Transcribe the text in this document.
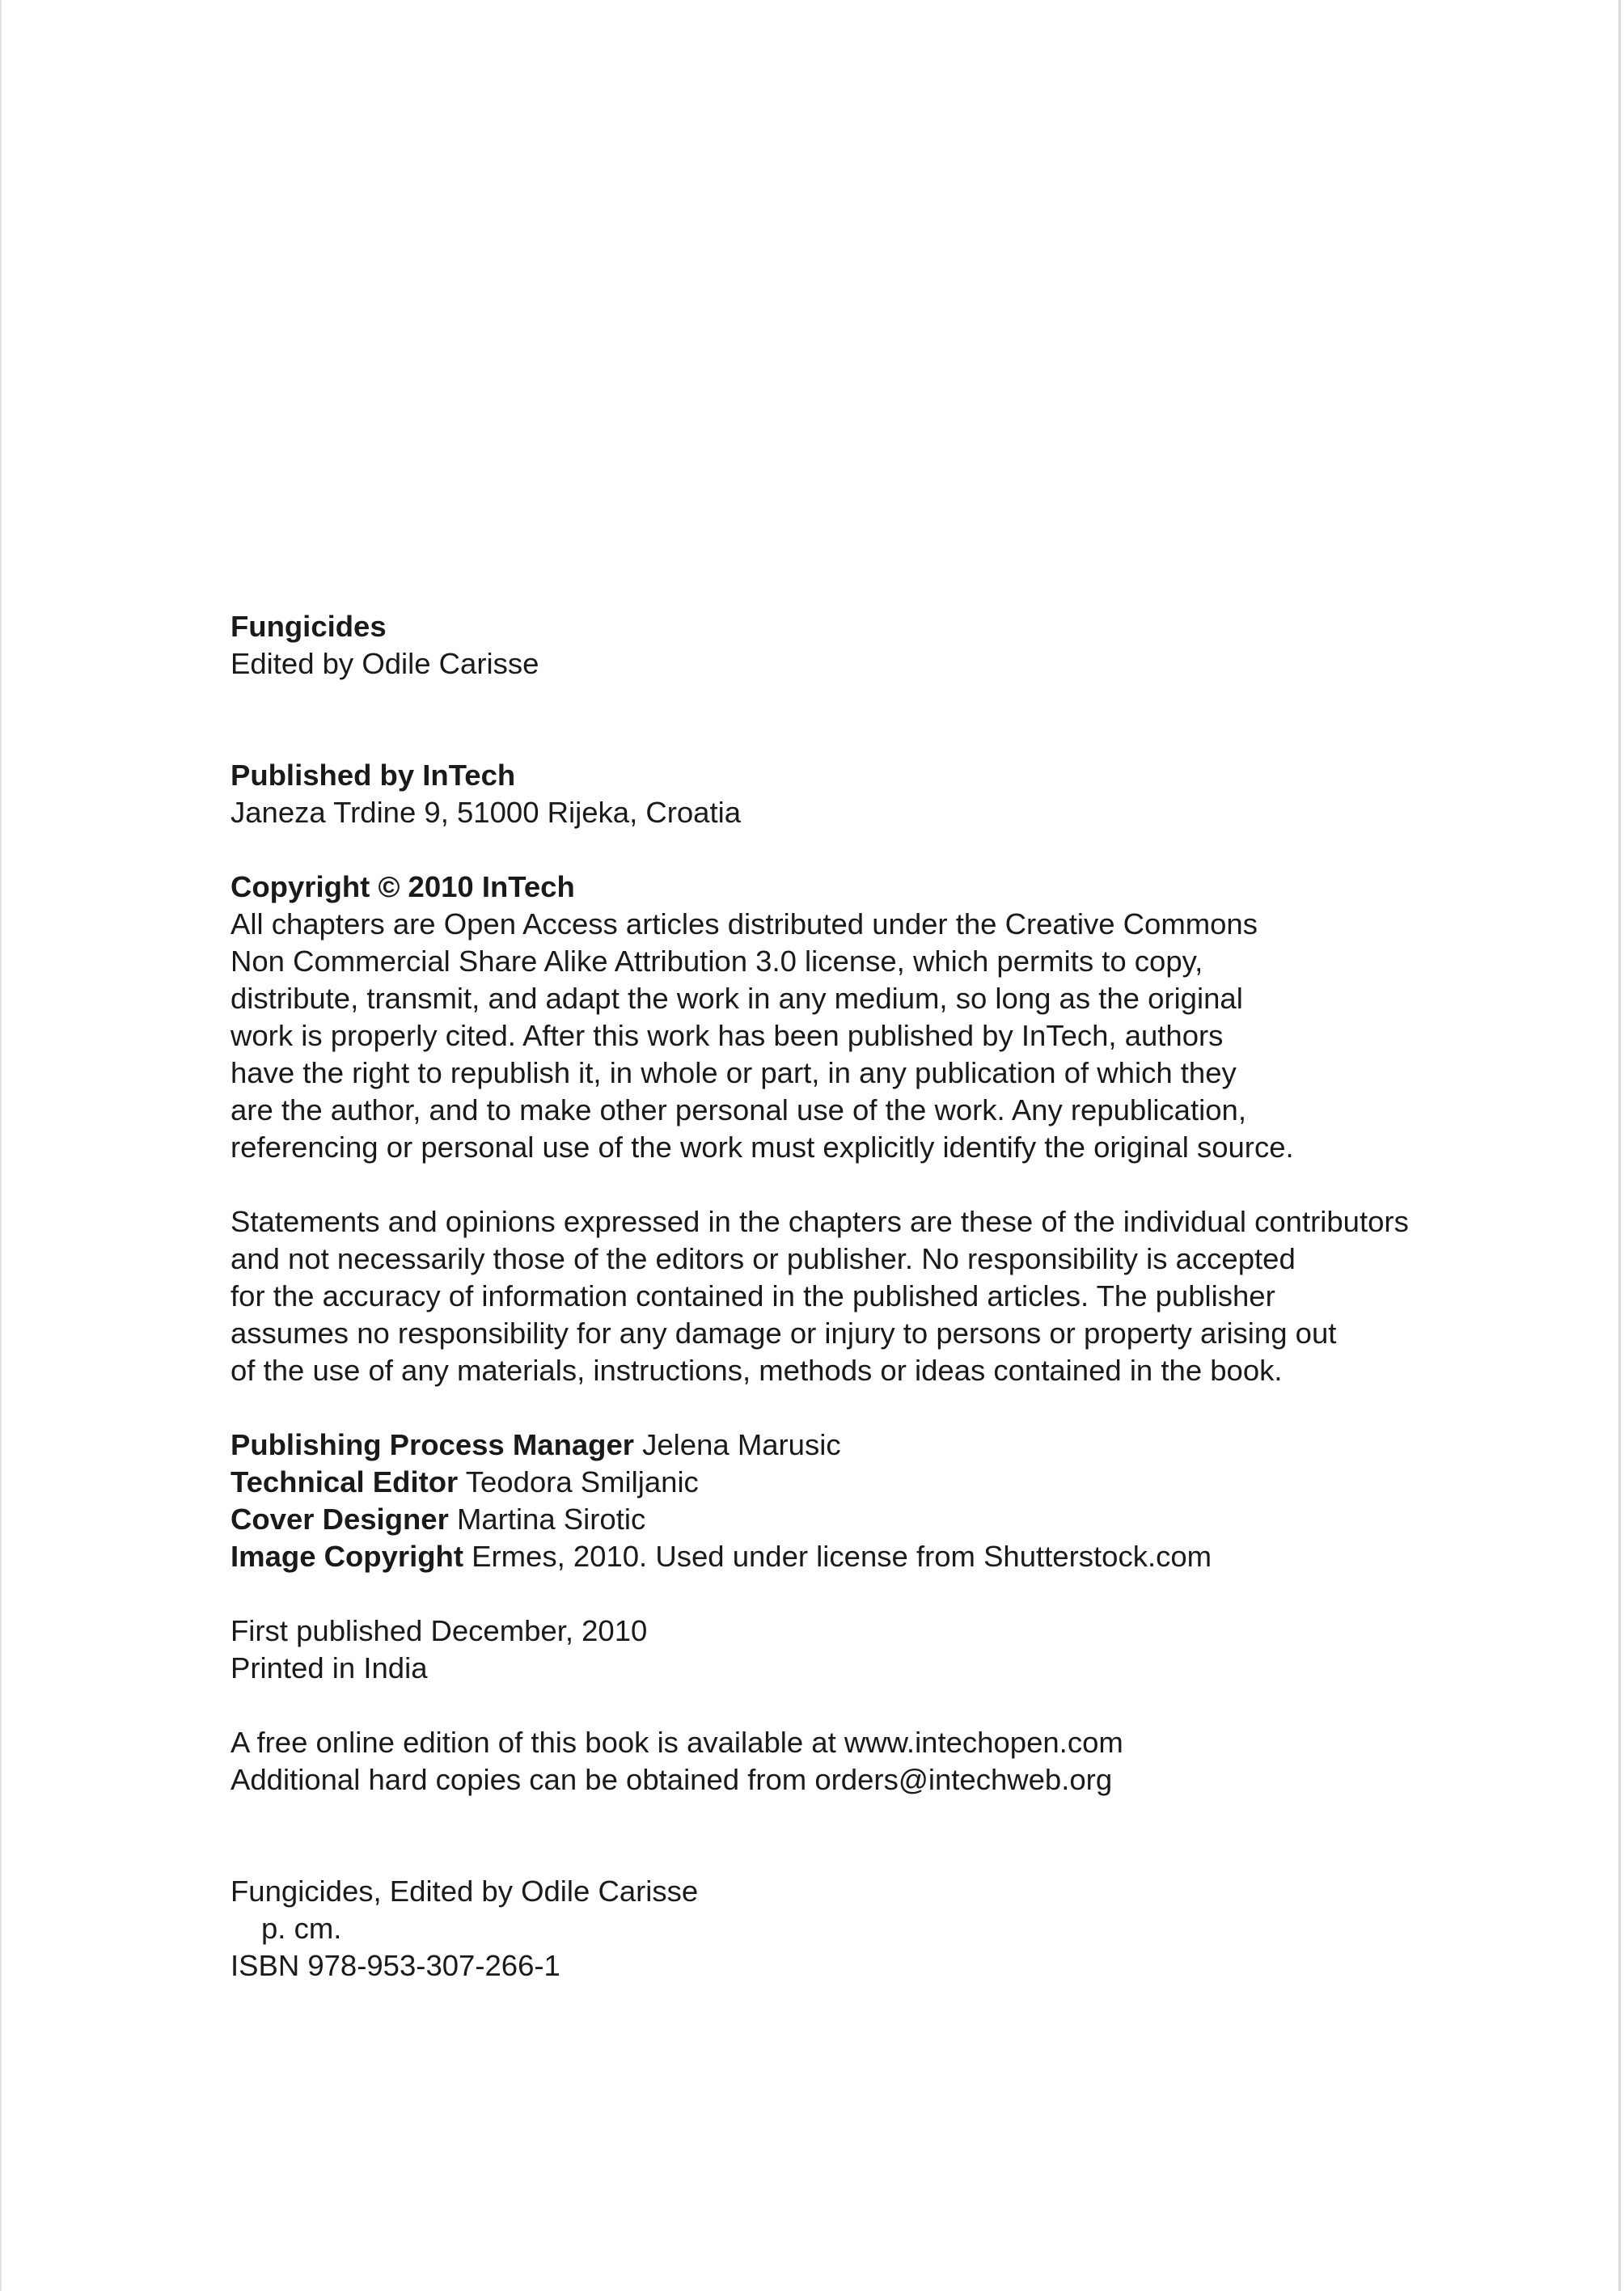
Fungicides
Edited by Odile Carisse
Published by InTech
Janeza Trdine 9, 51000 Rijeka, Croatia
Copyright © 2010 InTech
All chapters are Open Access articles distributed under the Creative Commons
Non Commercial Share Alike Attribution 3.0 license, which permits to copy,
distribute, transmit, and adapt the work in any medium, so long as the original
work is properly cited. After this work has been published by InTech, authors
have the right to republish it, in whole or part, in any publication of which they
are the author, and to make other personal use of the work. Any republication,
referencing or personal use of the work must explicitly identify the original source.
Statements and opinions expressed in the chapters are these of the individual contributors
and not necessarily those of the editors or publisher. No responsibility is accepted
for the accuracy of information contained in the published articles. The publisher
assumes no responsibility for any damage or injury to persons or property arising out
of the use of any materials, instructions, methods or ideas contained in the book.
Publishing Process Manager Jelena Marusic
Technical Editor Teodora Smiljanic
Cover Designer Martina Sirotic
Image Copyright Ermes, 2010. Used under license from Shutterstock.com
First published December, 2010
Printed in India
A free online edition of this book is available at www.intechopen.com
Additional hard copies can be obtained from orders@intechweb.org
Fungicides, Edited by Odile Carisse
p. cm.
ISBN 978-953-307-266-1
